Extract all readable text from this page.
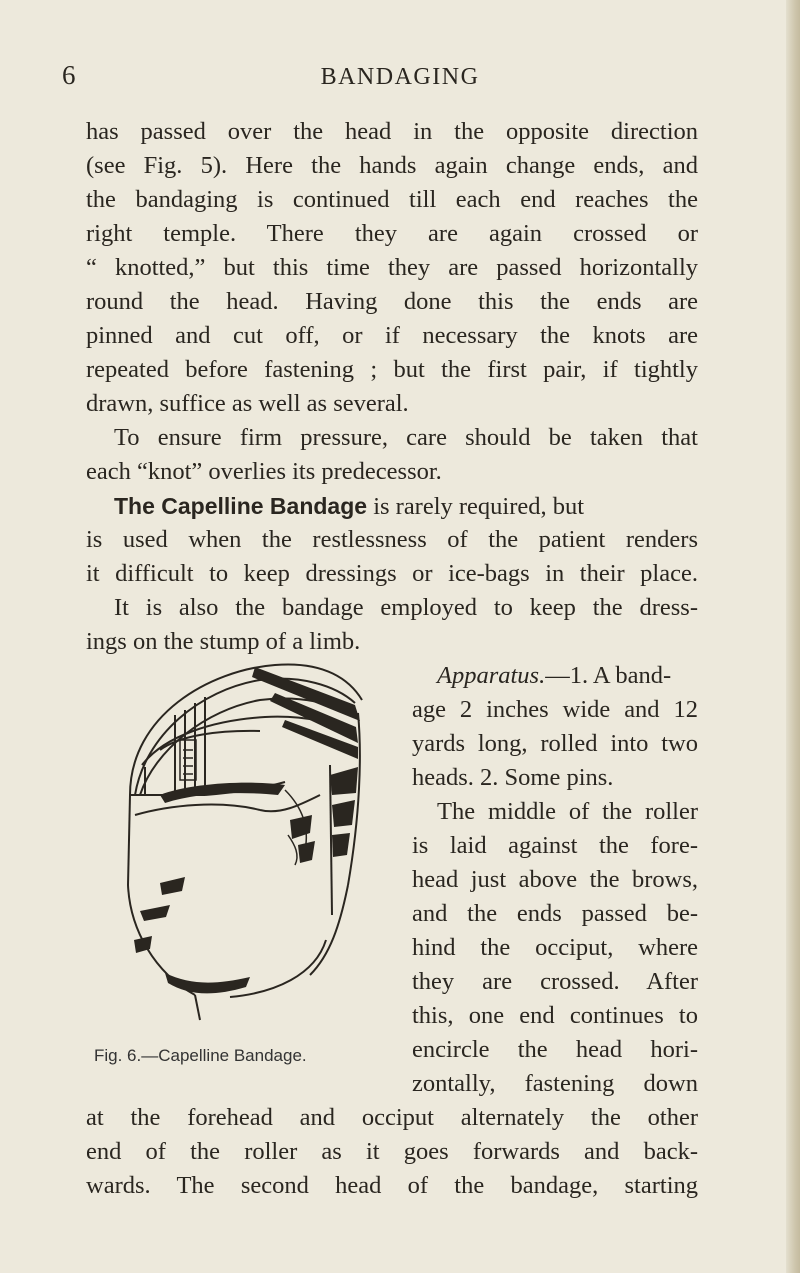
6	BANDAGING
has passed over the head in the opposite direction
(see Fig. 5). Here the hands again change ends, and
the bandaging is continued till each end reaches the
right temple. There they are again crossed or
“ knotted,” but this time they are passed horizontally
round the head. Having done this the ends are
pinned and cut off, or if necessary the knots are
repeated before fastening ; but the first pair, if tightly
drawn, suffice as well as several.
To ensure firm pressure, care should be taken that
each “knot” overlies its predecessor.
The Capelline Bandage is rarely required, but
is used when the restlessness of the patient renders
it difficult to keep dressings or ice-bags in their place.
It is also the bandage employed to keep the dress-
ings on the stump of a limb.
Apparatus.—1. A band-
age 2 inches wide and 12
yards long, rolled into two
heads. 2. Some pins.
The middle of the roller
is laid against the fore-
head just above the brows,
and the ends passed be-
hind the occiput, where
they are crossed. After
this, one end continues to
encircle the head hori-
zontally, fastening down
Fig. 6.—Capelline Bandage.
at the forehead and occiput alternately the other
end of the roller as it goes forwards and back-
wards. The second head of the bandage, starting
